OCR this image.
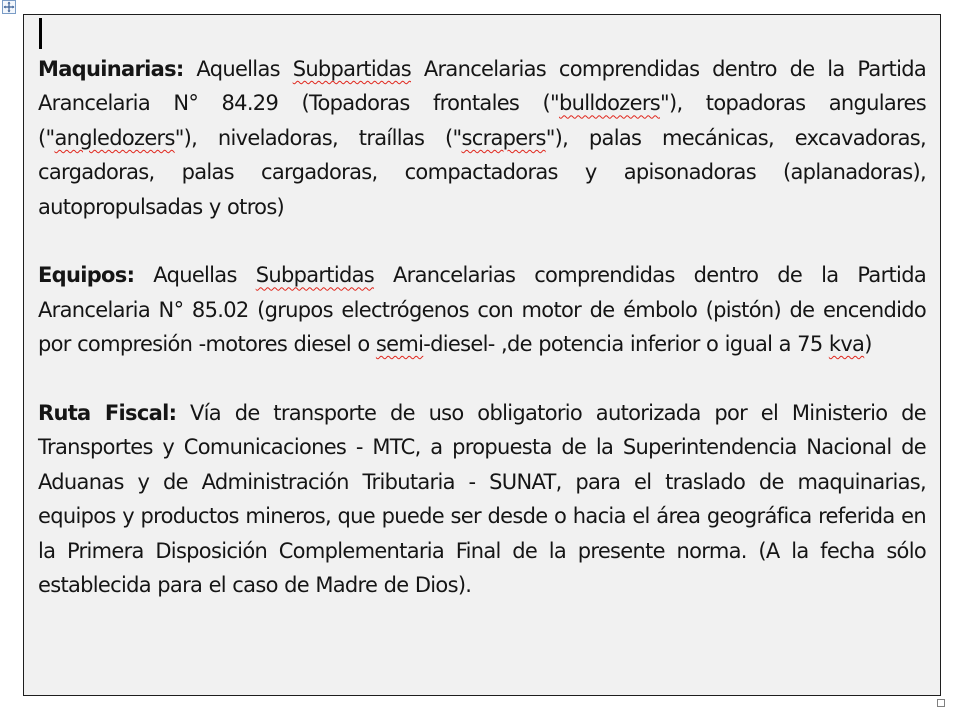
Maquinarias: Aquellas Subpartidas Arancelarias comprendidas dentro de la Partida Arancelaria N° 84.29 (Topadoras frontales ("bulldozers"), topadoras angulares ("angledozers"), niveladoras, traíllas ("scrapers"), palas mecánicas, excavadoras, cargadoras, palas cargadoras, compactadoras y apisonadoras (aplanadoras), autopropulsadas y otros)

Equipos: Aquellas Subpartidas Arancelarias comprendidas dentro de la Partida Arancelaria N° 85.02 (grupos electrógenos con motor de émbolo (pistón) de encendido por compresión -motores diesel o semi-diesel- ,de potencia inferior o igual a 75 kva)

Ruta Fiscal: Vía de transporte de uso obligatorio autorizada por el Ministerio de Transportes y Comunicaciones - MTC, a propuesta de la Superintendencia Nacional de Aduanas y de Administración Tributaria - SUNAT, para el traslado de maquinarias, equipos y productos mineros, que puede ser desde o hacia el área geográfica referida en la Primera Disposición Complementaria Final de la presente norma. (A la fecha sólo establecida para el caso de Madre de Dios).
